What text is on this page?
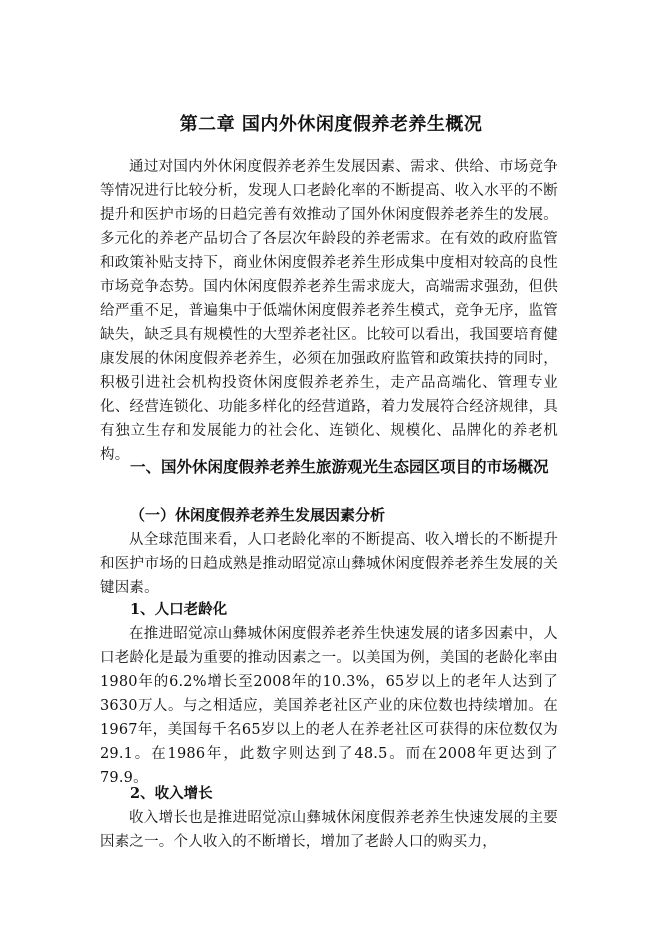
第二章 国内外休闲度假养老养生概况

通过对国内外休闲度假养老养生发展因素、需求、供给、市场竞争等情况进行比较分析，发现人口老龄化率的不断提高、收入水平的不断提升和医护市场的日趋完善有效推动了国外休闲度假养老养生的发展。多元化的养老产品切合了各层次年龄段的养老需求。在有效的政府监管和政策补贴支持下，商业休闲度假养老养生形成集中度相对较高的良性市场竞争态势。国内休闲度假养老养生需求庞大，高端需求强劲，但供给严重不足，普遍集中于低端休闲度假养老养生模式，竞争无序，监管缺失，缺乏具有规模性的大型养老社区。比较可以看出，我国要培育健康发展的休闲度假养老养生，必须在加强政府监管和政策扶持的同时，积极引进社会机构投资休闲度假养老养生，走产品高端化、管理专业化、经营连锁化、功能多样化的经营道路，着力发展符合经济规律，具有独立生存和发展能力的社会化、连锁化、规模化、品牌化的养老机构。

一、国外休闲度假养老养生旅游观光生态园区项目的市场概况
（一）休闲度假养老养生发展因素分析

从全球范围来看，人口老龄化率的不断提高、收入增长的不断提升和医护市场的日趋成熟是推动昭觉凉山彝城休闲度假养老养生发展的关键因素。

1、人口老龄化

在推进昭觉凉山彝城休闲度假养老养生快速发展的诸多因素中，人口老龄化是最为重要的推动因素之一。以美国为例，美国的老龄化率由1980年的6.2%增长至2008年的10.3%，65岁以上的老年人达到了3630万人。与之相适应，美国养老社区产业的床位数也持续增加。在1967年，美国每千名65岁以上的老人在养老社区可获得的床位数仅为29.1。在1986年，此数字则达到了48.5。而在2008年更达到了79.9。

2、收入增长

收入增长也是推进昭觉凉山彝城休闲度假养老养生快速发展的主要因素之一。个人收入的不断增长，增加了老龄人口的购买力，
